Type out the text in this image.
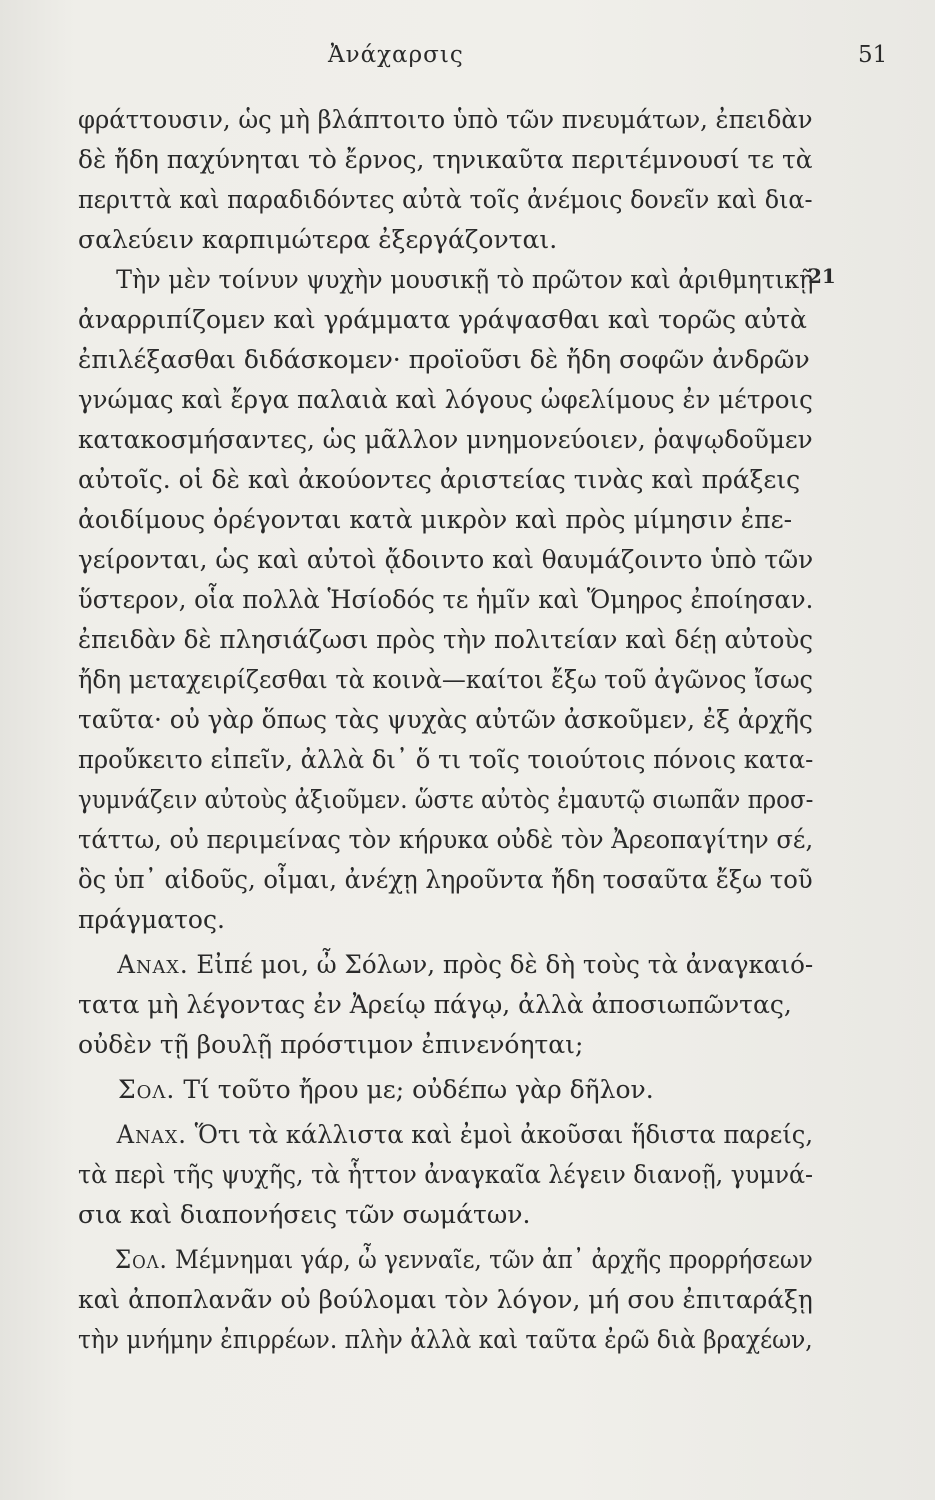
Ἀνάχαρσις	51
21
φράττουσιν, ὡς μὴ βλάπτοιτο ὑπὸ τῶν πνευμάτων, ἐπειδὰν
δὲ ἤδη παχύνηται τὸ ἔρνος, τηνικαῦτα περιτέμνουσί τε τὰ
περιττὰ καὶ παραδιδόντες αὐτὰ τοῖς ἀνέμοις δονεῖν καὶ δια-
σαλεύειν καρπιμώτερα ἐξεργάζονται.
Τὴν μὲν τοίνυν ψυχὴν μουσικῇ τὸ πρῶτον καὶ ἀριθμητικῇ
ἀναρριπίζομεν καὶ γράμματα γράψασθαι καὶ τορῶς αὐτὰ
ἐπιλέξασθαι διδάσκομεν· προϊοῦσι δὲ ἤδη σοφῶν ἀνδρῶν
γνώμας καὶ ἔργα παλαιὰ καὶ λόγους ὠφελίμους ἐν μέτροις
κατακοσμήσαντες, ὡς μᾶλλον μνημονεύοιεν, ῥαψῳδοῦμεν
αὐτοῖς. οἱ δὲ καὶ ἀκούοντες ἀριστείας τινὰς καὶ πράξεις
ἀοιδίμους ὀρέγονται κατὰ μικρὸν καὶ πρὸς μίμησιν ἐπε-
γείρονται, ὡς καὶ αὐτοὶ ᾄδοιντο καὶ θαυμάζοιντο ὑπὸ τῶν
ὕστερον, οἷα πολλὰ Ἡσίοδός τε ἡμῖν καὶ Ὅμηρος ἐποίησαν.
ἐπειδὰν δὲ πλησιάζωσι πρὸς τὴν πολιτείαν καὶ δέῃ αὐτοὺς
ἤδη μεταχειρίζεσθαι τὰ κοινὰ—καίτοι ἔξω τοῦ ἀγῶνος ἴσως
ταῦτα· οὐ γὰρ ὅπως τὰς ψυχὰς αὐτῶν ἀσκοῦμεν, ἐξ ἀρχῆς
προὔκειτο εἰπεῖν, ἀλλὰ δι᾽ ὅ τι τοῖς τοιούτοις πόνοις κατα-
γυμνάζειν αὐτοὺς ἀξιοῦμεν. ὥστε αὐτὸς ἐμαυτῷ σιωπᾶν προσ-
τάττω, οὐ περιμείνας τὸν κήρυκα οὐδὲ τὸν Ἀρεοπαγίτην σέ,
ὃς ὑπ᾽ αἰδοῦς, οἶμαι, ἀνέχῃ ληροῦντα ἤδη τοσαῦτα ἔξω τοῦ
πράγματος.
Αναχ. Εἰπέ μοι, ὦ Σόλων, πρὸς δὲ δὴ τοὺς τὰ ἀναγκαιό-
τατα μὴ λέγοντας ἐν Ἀρείῳ πάγῳ, ἀλλὰ ἀποσιωπῶντας,
οὐδὲν τῇ βουλῇ πρόστιμον ἐπινενόηται;
Σολ. Τί τοῦτο ἤρου με; οὐδέπω γὰρ δῆλον.
Αναχ. Ὅτι τὰ κάλλιστα καὶ ἐμοὶ ἀκοῦσαι ἥδιστα παρείς,
τὰ περὶ τῆς ψυχῆς, τὰ ἧττον ἀναγκαῖα λέγειν διανοῇ, γυμνά-
σια καὶ διαπονήσεις τῶν σωμάτων.
Σολ. Μέμνημαι γάρ, ὦ γενναῖε, τῶν ἀπ᾽ ἀρχῆς προρρήσεων
καὶ ἀποπλανᾶν οὐ βούλομαι τὸν λόγον, μή σου ἐπιταράξῃ
τὴν μνήμην ἐπιρρέων. πλὴν ἀλλὰ καὶ ταῦτα ἐρῶ διὰ βραχέων,
